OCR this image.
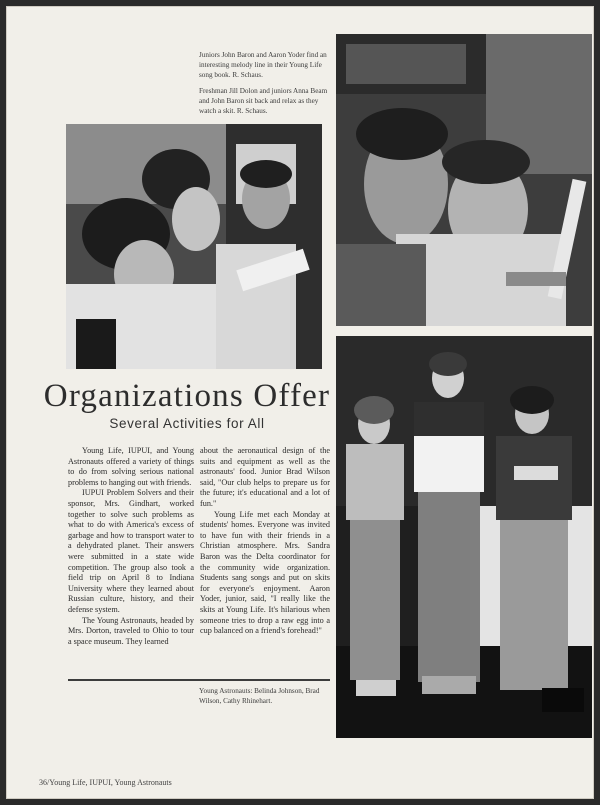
Juniors John Baron and Aaron Yoder find an interesting melody line in their Young Life song book. R. Schaus.

Freshman Jill Dolon and juniors Anna Beam and John Baron sit back and relax as they watch a skit. R. Schaus.

Organizations Offer
Several Activities for All

Young Life, IUPUI, and Young Astronauts offered a variety of things to do from solving serious national problems to hanging out with friends.

IUPUI Problem Solvers and their sponsor, Mrs. Gindhart, worked together to solve such problems as what to do with America's excess of garbage and how to transport water to a dehydrated planet. Their answers were submitted in a state wide competition. The group also took a field trip on April 8 to Indiana University where they learned about Russian culture, history, and their defense system.

The Young Astronauts, headed by Mrs. Dorton, traveled to Ohio to tour a space museum. They learned

about the aeronautical design of the suits and equipment as well as the astronauts' food. Junior Brad Wilson said, "Our club helps to prepare us for the future; it's educational and a lot of fun."

Young Life met each Monday at students' homes. Everyone was invited to have fun with their friends in a Christian atmosphere. Mrs. Sandra Baron was the Delta coordinator for the community wide organization. Students sang songs and put on skits for everyone's enjoyment. Aaron Yoder, junior, said, "I really like the skits at Young Life. It's hilarious when someone tries to drop a raw egg into a cup balanced on a friend's forehead!"

Young Astronauts: Belinda Johnson, Brad Wilson, Cathy Rhinehart.
36/Young Life, IUPUI, Young Astronauts
